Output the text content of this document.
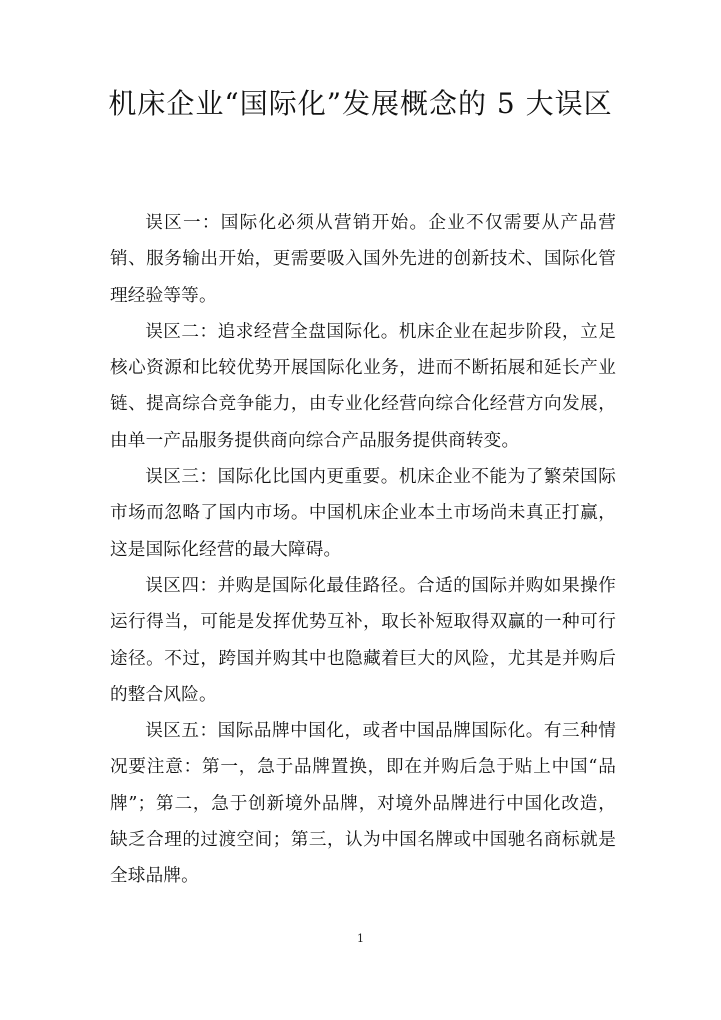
机床企业“国际化”发展概念的 5 大误区

误区一：国际化必须从营销开始。企业不仅需要从产品营销、服务输出开始，更需要吸入国外先进的创新技术、国际化管理经验等等。

误区二：追求经营全盘国际化。机床企业在起步阶段，立足核心资源和比较优势开展国际化业务，进而不断拓展和延长产业链、提高综合竞争能力，由专业化经营向综合化经营方向发展，由单一产品服务提供商向综合产品服务提供商转变。

误区三：国际化比国内更重要。机床企业不能为了繁荣国际市场而忽略了国内市场。中国机床企业本土市场尚未真正打赢，这是国际化经营的最大障碍。

误区四：并购是国际化最佳路径。合适的国际并购如果操作运行得当，可能是发挥优势互补，取长补短取得双赢的一种可行途径。不过，跨国并购其中也隐藏着巨大的风险，尤其是并购后的整合风险。

误区五：国际品牌中国化，或者中国品牌国际化。有三种情况要注意：第一，急于品牌置换，即在并购后急于贴上中国“品牌”；第二，急于创新境外品牌，对境外品牌进行中国化改造，缺乏合理的过渡空间；第三，认为中国名牌或中国驰名商标就是全球品牌。

1
